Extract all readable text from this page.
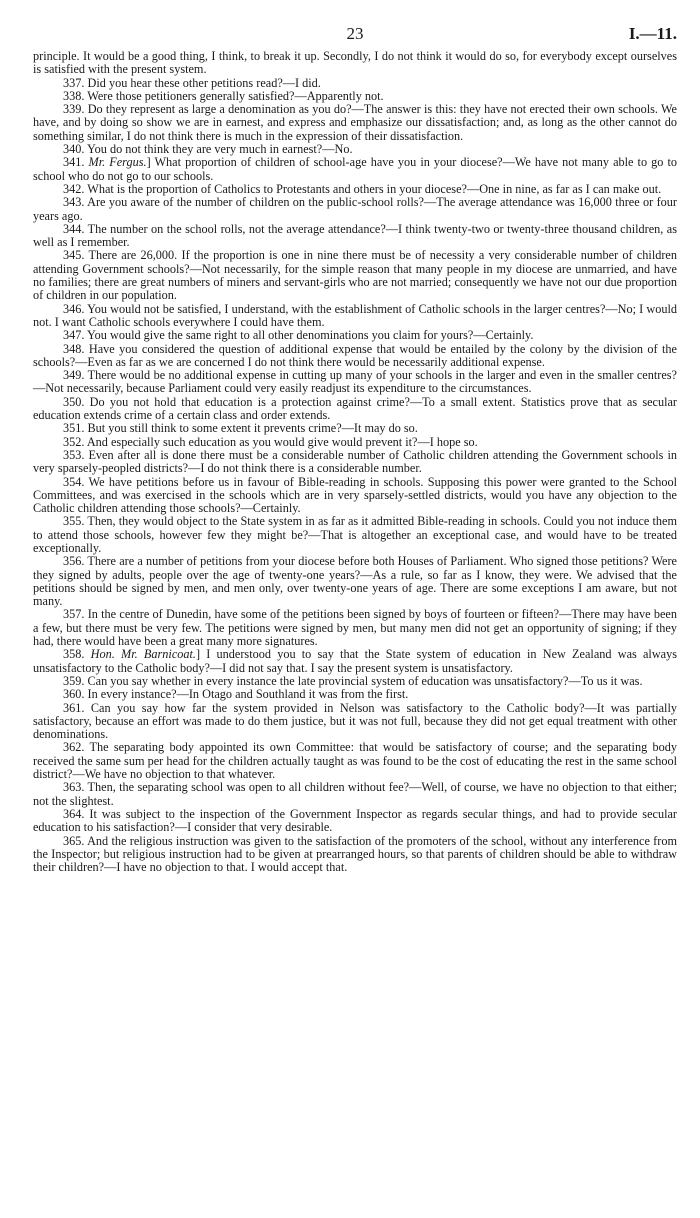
23	I.—11.

principle. It would be a good thing, I think, to break it up. Secondly, I do not think it would do so, for everybody except ourselves is satisfied with the present system.

337. Did you hear these other petitions read?—I did.

338. Were those petitioners generally satisfied?—Apparently not.

339. Do they represent as large a denomination as you do?—The answer is this: they have not erected their own schools. We have, and by doing so show we are in earnest, and express and emphasize our dissatisfaction; and, as long as the other cannot do something similar, I do not think there is much in the expression of their dissatisfaction.

340. You do not think they are very much in earnest?—No.

341. Mr. Fergus.] What proportion of children of school-age have you in your diocese?—We have not many able to go to school who do not go to our schools.

342. What is the proportion of Catholics to Protestants and others in your diocese?—One in nine, as far as I can make out.

343. Are you aware of the number of children on the public-school rolls?—The average attendance was 16,000 three or four years ago.

344. The number on the school rolls, not the average attendance?—I think twenty-two or twenty-three thousand children, as well as I remember.

345. There are 26,000. If the proportion is one in nine there must be of necessity a very considerable number of children attending Government schools?—Not necessarily, for the simple reason that many people in my diocese are unmarried, and have no families; there are great numbers of miners and servant-girls who are not married; consequently we have not our due proportion of children in our population.

346. You would not be satisfied, I understand, with the establishment of Catholic schools in the larger centres?—No; I would not. I want Catholic schools everywhere I could have them.

347. You would give the same right to all other denominations you claim for yours?—Certainly.

348. Have you considered the question of additional expense that would be entailed by the colony by the division of the schools?—Even as far as we are concerned I do not think there would be necessarily additional expense.

349. There would be no additional expense in cutting up many of your schools in the larger and even in the smaller centres?—Not necessarily, because Parliament could very easily readjust its expenditure to the circumstances.

350. Do you not hold that education is a protection against crime?—To a small extent. Statistics prove that as secular education extends crime of a certain class and order extends.

351. But you still think to some extent it prevents crime?—It may do so.

352. And especially such education as you would give would prevent it?—I hope so.

353. Even after all is done there must be a considerable number of Catholic children attending the Government schools in very sparsely-peopled districts?—I do not think there is a considerable number.

354. We have petitions before us in favour of Bible-reading in schools. Supposing this power were granted to the School Committees, and was exercised in the schools which are in very sparsely-settled districts, would you have any objection to the Catholic children attending those schools?—Certainly.

355. Then, they would object to the State system in as far as it admitted Bible-reading in schools. Could you not induce them to attend those schools, however few they might be?—That is altogether an exceptional case, and would have to be treated exceptionally.

356. There are a number of petitions from your diocese before both Houses of Parliament. Who signed those petitions? Were they signed by adults, people over the age of twenty-one years?—As a rule, so far as I know, they were. We advised that the petitions should be signed by men, and men only, over twenty-one years of age. There are some exceptions I am aware, but not many.

357. In the centre of Dunedin, have some of the petitions been signed by boys of fourteen or fifteen?—There may have been a few, but there must be very few. The petitions were signed by men, but many men did not get an opportunity of signing; if they had, there would have been a great many more signatures.

358. Hon. Mr. Barnicoat.] I understood you to say that the State system of education in New Zealand was always unsatisfactory to the Catholic body?—I did not say that. I say the present system is unsatisfactory.

359. Can you say whether in every instance the late provincial system of education was unsatisfactory?—To us it was.

360. In every instance?—In Otago and Southland it was from the first.

361. Can you say how far the system provided in Nelson was satisfactory to the Catholic body?—It was partially satisfactory, because an effort was made to do them justice, but it was not full, because they did not get equal treatment with other denominations.

362. The separating body appointed its own Committee: that would be satisfactory of course; and the separating body received the same sum per head for the children actually taught as was found to be the cost of educating the rest in the same school district?—We have no objection to that whatever.

363. Then, the separating school was open to all children without fee?—Well, of course, we have no objection to that either; not the slightest.

364. It was subject to the inspection of the Government Inspector as regards secular things, and had to provide secular education to his satisfaction?—I consider that very desirable.

365. And the religious instruction was given to the satisfaction of the promoters of the school, without any interference from the Inspector; but religious instruction had to be given at prearranged hours, so that parents of children should be able to withdraw their children?—I have no objection to that. I would accept that.
